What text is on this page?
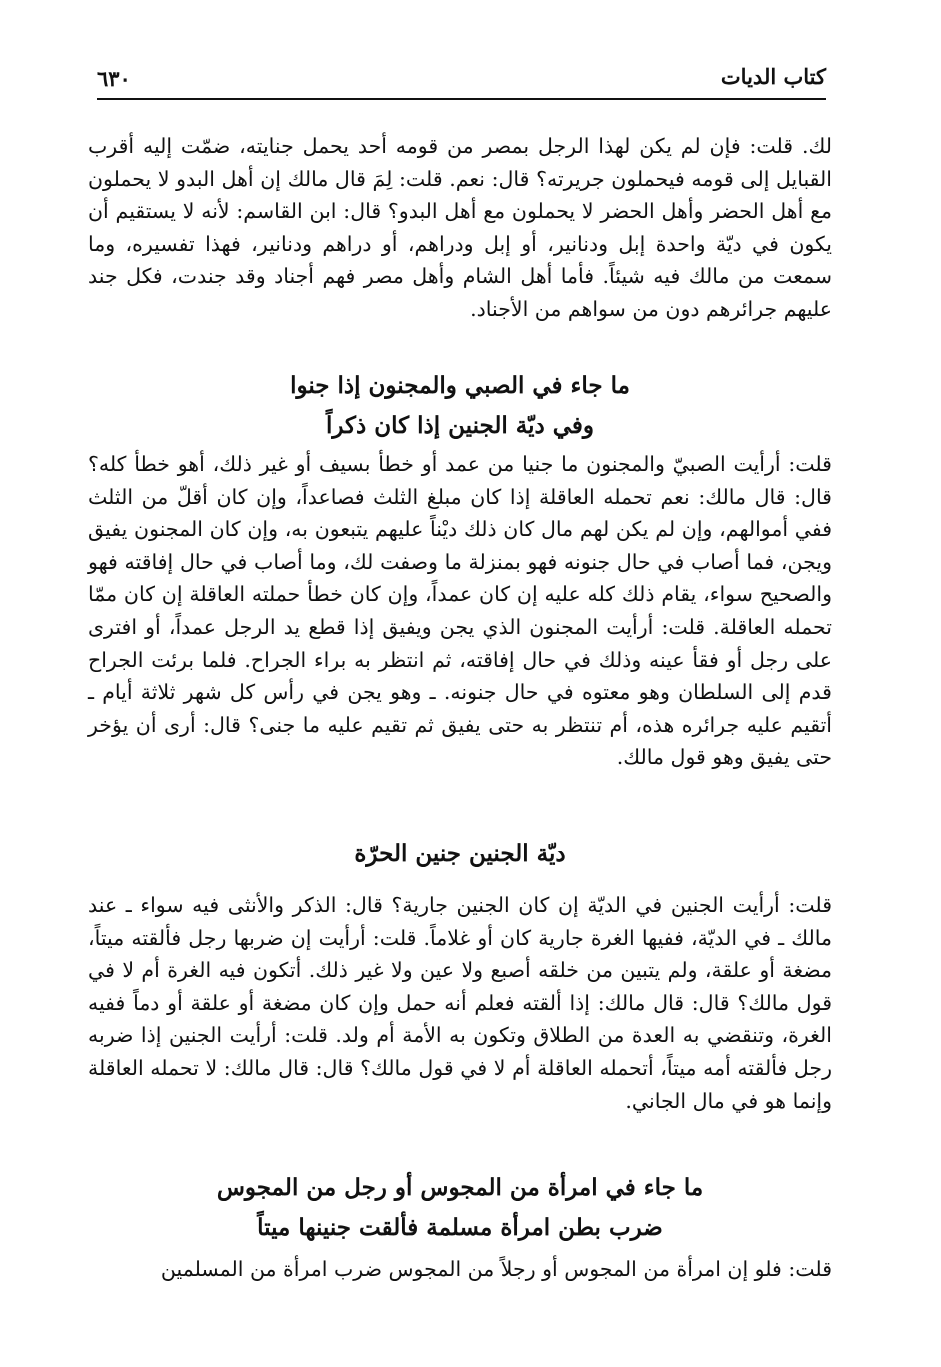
كتاب الديات
٦٣٠
لك. قلت: فإن لم يكن لهذا الرجل بمصر من قومه أحد يحمل جنايته، ضمّت إليه أقرب القبايل إلى قومه فيحملون جريرته؟ قال: نعم. قلت: لِمَ قال مالك إن أهل البدو لا يحملون مع أهل الحضر وأهل الحضر لا يحملون مع أهل البدو؟ قال: ابن القاسم: لأنه لا يستقيم أن يكون في ديّة واحدة إبل ودنانير، أو إبل ودراهم، أو دراهم ودنانير، فهذا تفسيره، وما سمعت من مالك فيه شيئاً. فأما أهل الشام وأهل مصر فهم أجناد وقد جندت، فكل جند عليهم جرائرهم دون من سواهم من الأجناد.
ما جاء في الصبي والمجنون إذا جنوا
وفي ديّة الجنين إذا كان ذكراً
قلت: أرأيت الصبيّ والمجنون ما جنيا من عمد أو خطأ بسيف أو غير ذلك، أهو خطأ كله؟ قال: قال مالك: نعم تحمله العاقلة إذا كان مبلغ الثلث فصاعداً، وإن كان أقلّ من الثلث ففي أموالهم، وإن لم يكن لهم مال كان ذلك ديْناً عليهم يتبعون به، وإن كان المجنون يفيق ويجن، فما أصاب في حال جنونه فهو بمنزلة ما وصفت لك، وما أصاب في حال إفاقته فهو والصحيح سواء، يقام ذلك كله عليه إن كان عمداً، وإن كان خطأ حملته العاقلة إن كان ممّا تحمله العاقلة. قلت: أرأيت المجنون الذي يجن ويفيق إذا قطع يد الرجل عمداً، أو افترى على رجل أو فقأ عينه وذلك في حال إفاقته، ثم انتظر به براء الجراح. فلما برئت الجراح قدم إلى السلطان وهو معتوه في حال جنونه. ـ وهو يجن في رأس كل شهر ثلاثة أيام ـ أتقيم عليه جرائره هذه، أم تنتظر به حتى يفيق ثم تقيم عليه ما جنى؟ قال: أرى أن يؤخر حتى يفيق وهو قول مالك.
ديّة الجنين جنين الحرّة
قلت: أرأيت الجنين في الديّة إن كان الجنين جارية؟ قال: الذكر والأنثى فيه سواء ـ عند مالك ـ في الديّة، ففيها الغرة جارية كان أو غلاماً. قلت: أرأيت إن ضربها رجل فألقته ميتاً، مضغة أو علقة، ولم يتبين من خلقه أصبع ولا عين ولا غير ذلك. أتكون فيه الغرة أم لا في قول مالك؟ قال: قال مالك: إذا ألقته فعلم أنه حمل وإن كان مضغة أو علقة أو دماً ففيه الغرة، وتنقضي به العدة من الطلاق وتكون به الأمة أم ولد. قلت: أرأيت الجنين إذا ضربه رجل فألقته أمه ميتاً، أتحمله العاقلة أم لا في قول مالك؟ قال: قال مالك: لا تحمله العاقلة وإنما هو في مال الجاني.
ما جاء في امرأة من المجوس أو رجل من المجوس
ضرب بطن امرأة مسلمة فألقت جنينها ميتاً
قلت: فلو إن امرأة من المجوس أو رجلاً من المجوس ضرب امرأة من المسلمين
